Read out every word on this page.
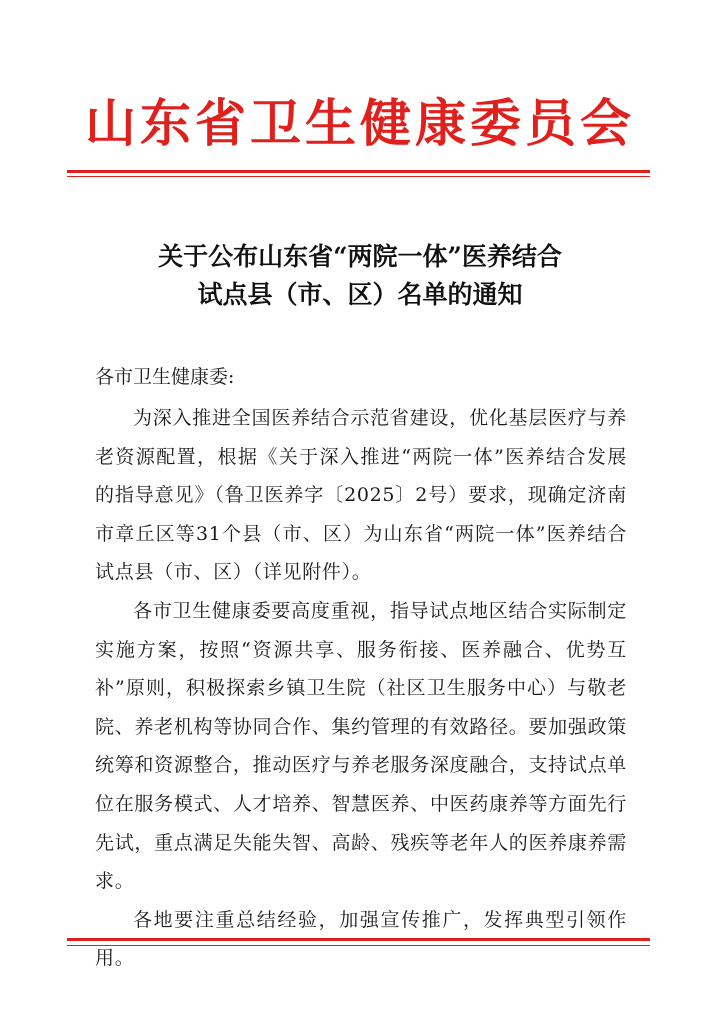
山东省卫生健康委员会
关于公布山东省“两院一体”医养结合
试点县（市、区）名单的通知
各市卫生健康委:

为深入推进全国医养结合示范省建设，优化基层医疗与养老资源配置，根据《关于深入推进“两院一体”医养结合发展的指导意见》（鲁卫医养字〔2025〕2号）要求，现确定济南市章丘区等31个县（市、区）为山东省“两院一体”医养结合试点县（市、区）（详见附件）。

各市卫生健康委要高度重视，指导试点地区结合实际制定实施方案，按照“资源共享、服务衔接、医养融合、优势互补”原则，积极探索乡镇卫生院（社区卫生服务中心）与敬老院、养老机构等协同合作、集约管理的有效路径。要加强政策统筹和资源整合，推动医疗与养老服务深度融合，支持试点单位在服务模式、人才培养、智慧医养、中医药康养等方面先行先试，重点满足失能失智、高龄、残疾等老年人的医养康养需求。

各地要注重总结经验，加强宣传推广，发挥典型引领作用。
